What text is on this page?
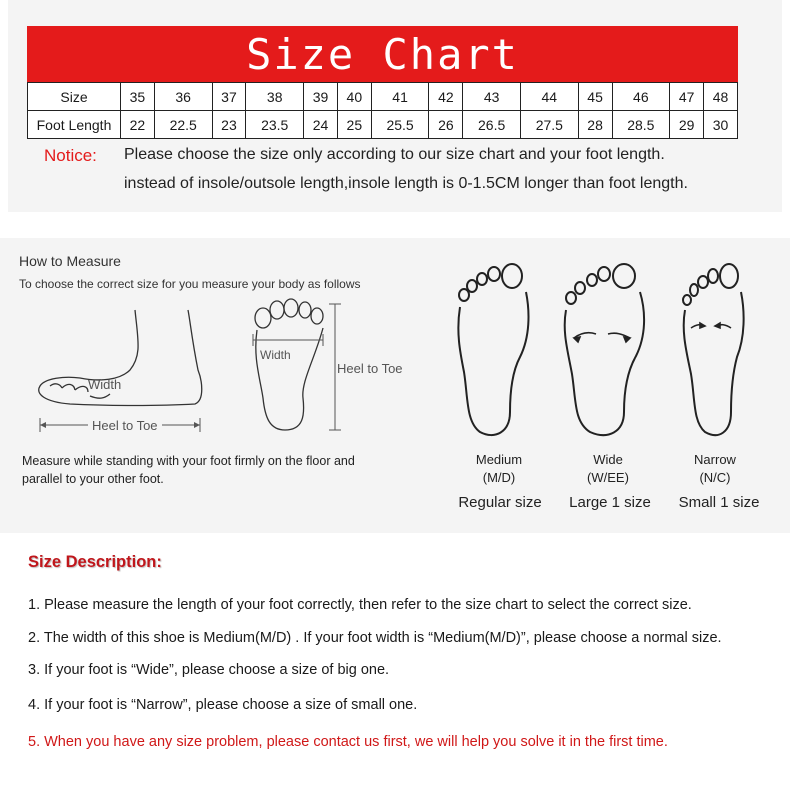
Size Chart
Size	35	36	37	38	39	40	41	42	43	44	45	46	47	48
Foot Length	22	22.5	23	23.5	24	25	25.5	26	26.5	27.5	28	28.5	29	30
Notice: Please choose the size only according to our size chart and your foot length.
instead of insole/outsole length,insole length is 0-1.5CM longer than foot length.
How to Measure
To choose the correct size for you measure your body as follows
Width
Heel to Toe
Width
Heel to Toe
Measure while standing with your foot firmly on the floor and
parallel to your other foot.
Medium
(M/D)
Wide
(W/EE)
Narrow
(N/C)
Regular size	Large 1 size	Small 1 size
Size Description:
1. Please measure the length of your foot correctly, then refer to the size chart to select the correct size.
2. The width of this shoe is Medium(M/D) . If your foot width is “Medium(M/D)”, please choose a normal size.
3. If your foot is “Wide”, please choose a size of big one.
4. If your foot is “Narrow”, please choose a size of small one.
5. When you have any size problem, please contact us first, we will help you solve it in the first time.
